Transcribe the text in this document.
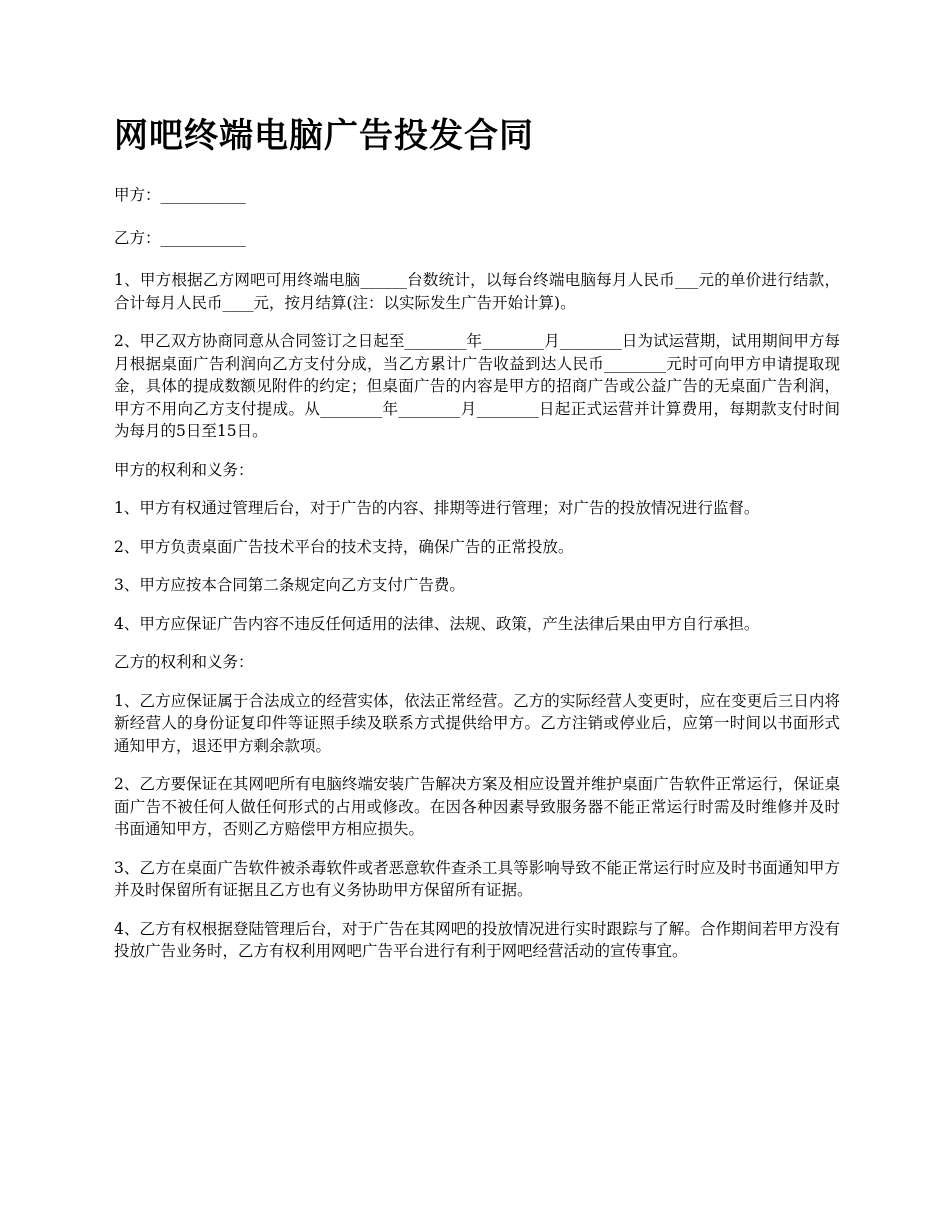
网吧终端电脑广告投发合同

甲方：___________

乙方：___________

1、甲方根据乙方网吧可用终端电脑______台数统计，以每台终端电脑每月人民币___元的单价进行结款，合计每月人民币____元，按月结算(注：以实际发生广告开始计算)。

2、甲乙双方协商同意从合同签订之日起至________年________月________日为试运营期，试用期间甲方每月根据桌面广告利润向乙方支付分成，当乙方累计广告收益到达人民币________元时可向甲方申请提取现金，具体的提成数额见附件的约定；但桌面广告的内容是甲方的招商广告或公益广告的无桌面广告利润，甲方不用向乙方支付提成。从________年________月________日起正式运营并计算费用，每期款支付时间为每月的5日至15日。

甲方的权利和义务：

1、甲方有权通过管理后台，对于广告的内容、排期等进行管理；对广告的投放情况进行监督。

2、甲方负责桌面广告技术平台的技术支持，确保广告的正常投放。

3、甲方应按本合同第二条规定向乙方支付广告费。

4、甲方应保证广告内容不违反任何适用的法律、法规、政策，产生法律后果由甲方自行承担。

乙方的权利和义务：

1、乙方应保证属于合法成立的经营实体，依法正常经营。乙方的实际经营人变更时，应在变更后三日内将新经营人的身份证复印件等证照手续及联系方式提供给甲方。乙方注销或停业后，应第一时间以书面形式通知甲方，退还甲方剩余款项。

2、乙方要保证在其网吧所有电脑终端安装广告解决方案及相应设置并维护桌面广告软件正常运行，保证桌面广告不被任何人做任何形式的占用或修改。在因各种因素导致服务器不能正常运行时需及时维修并及时书面通知甲方，否则乙方赔偿甲方相应损失。

3、乙方在桌面广告软件被杀毒软件或者恶意软件查杀工具等影响导致不能正常运行时应及时书面通知甲方并及时保留所有证据且乙方也有义务协助甲方保留所有证据。

4、乙方有权根据登陆管理后台，对于广告在其网吧的投放情况进行实时跟踪与了解。合作期间若甲方没有投放广告业务时，乙方有权利用网吧广告平台进行有利于网吧经营活动的宣传事宜。
